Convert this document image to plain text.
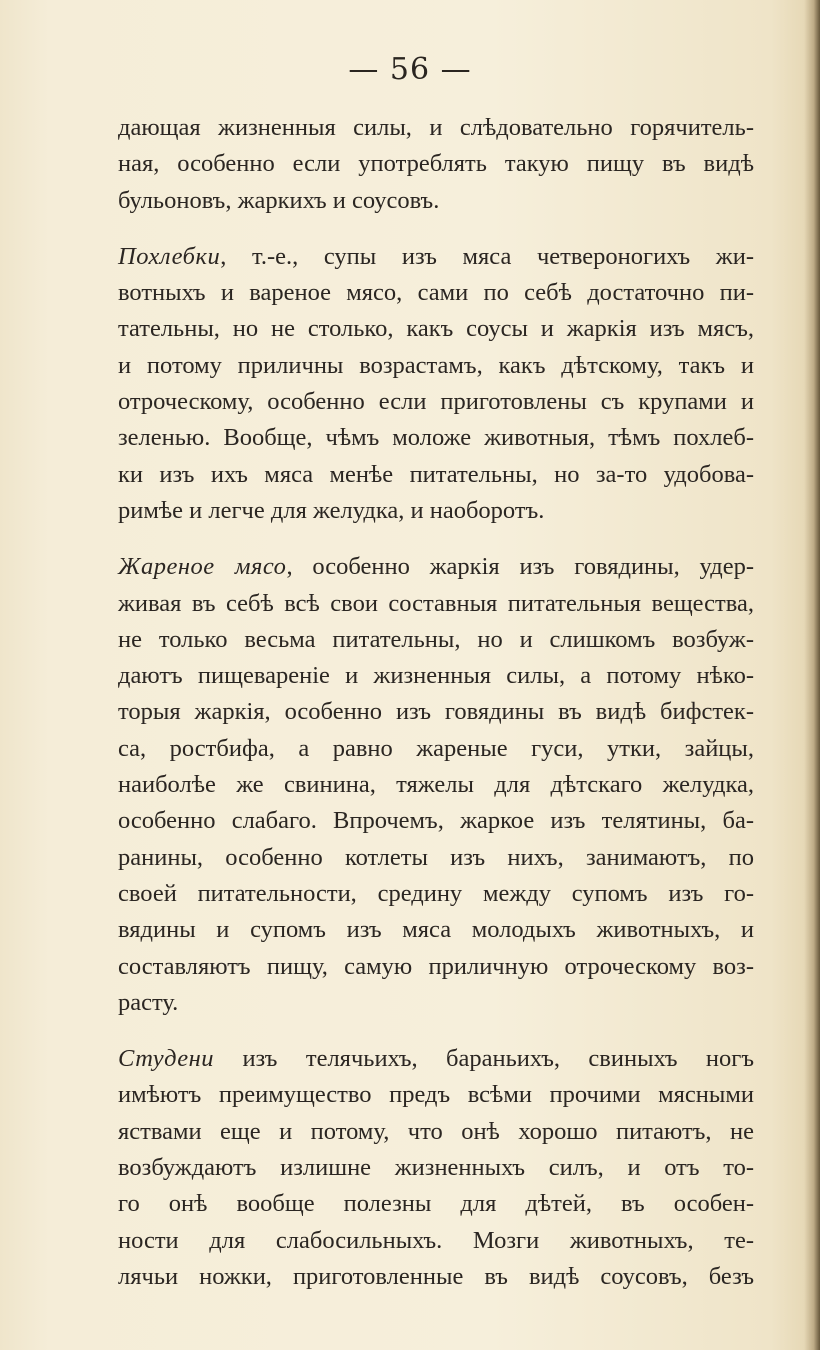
— 56 —
дающая жизненныя силы, и слѣдовательно горячитель-
ная, особенно если употреблять такую пищу въ видѣ
бульоновъ, жаркихъ и соусовъ.
Похлебки, т.-е., супы изъ мяса четвероногихъ жи-
вотныхъ и вареное мясо, сами по себѣ достаточно пи-
тательны, но не столько, какъ соусы и жаркія изъ мясъ,
и потому приличны возрастамъ, какъ дѣтскому, такъ и
отроческому, особенно если приготовлены съ крупами и
зеленью. Вообще, чѣмъ моложе животныя, тѣмъ похлеб-
ки изъ ихъ мяса менѣе питательны, но за-то удобова-
римѣе и легче для желудка, и наоборотъ.
Жареное мясо, особенно жаркія изъ говядины, удер-
живая въ себѣ всѣ свои составныя питательныя вещества,
не только весьма питательны, но и слишкомъ возбуж-
даютъ пищевареніе и жизненныя силы, а потому нѣко-
торыя жаркія, особенно изъ говядины въ видѣ бифстек-
са, ростбифа, а равно жареные гуси, утки, зайцы,
наиболѣе же свинина, тяжелы для дѣтскаго желудка,
особенно слабаго. Впрочемъ, жаркое изъ телятины, ба-
ранины, особенно котлеты изъ нихъ, занимаютъ, по
своей питательности, средину между супомъ изъ го-
вядины и супомъ изъ мяса молодыхъ животныхъ, и
составляютъ пищу, самую приличную отроческому воз-
расту.
Студени изъ телячьихъ, бараньихъ, свиныхъ ногъ
имѣютъ преимущество предъ всѣми прочими мясными
яствами еще и потому, что онѣ хорошо питаютъ, не
возбуждаютъ излишне жизненныхъ силъ, и отъ то-
го онѣ вообще полезны для дѣтей, въ особен-
ности для слабосильныхъ. Мозги животныхъ, те-
лячьи ножки, приготовленные въ видѣ соусовъ, безъ
